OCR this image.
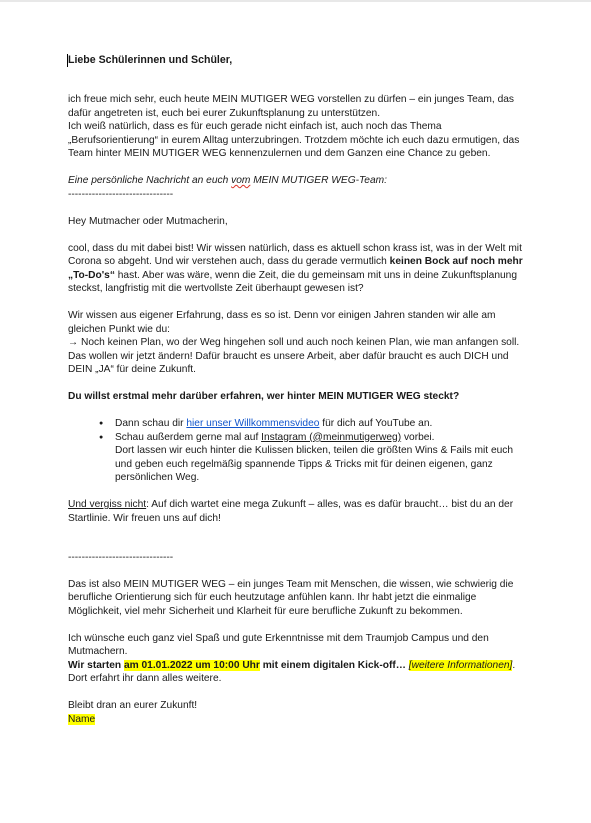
Liebe Schülerinnen und Schüler,

ich freue mich sehr, euch heute MEIN MUTIGER WEG vorstellen zu dürfen – ein junges Team, das dafür angetreten ist, euch bei eurer Zukunftsplanung zu unterstützen.

Ich weiß natürlich, dass es für euch gerade nicht einfach ist, auch noch das Thema „Berufsorientierung“ in eurem Alltag unterzubringen. Trotzdem möchte ich euch dazu ermutigen, das Team hinter MEIN MUTIGER WEG kennenzulernen und dem Ganzen eine Chance zu geben.

Eine persönliche Nachricht an euch vom MEIN MUTIGER WEG-Team:

-------------------------------

Hey Mutmacher oder Mutmacherin,

cool, dass du mit dabei bist! Wir wissen natürlich, dass es aktuell schon krass ist, was in der Welt mit Corona so abgeht. Und wir verstehen auch, dass du gerade vermutlich keinen Bock auf noch mehr „To-Do's“ hast. Aber was wäre, wenn die Zeit, die du gemeinsam mit uns in deine Zukunftsplanung steckst, langfristig mit die wertvollste Zeit überhaupt gewesen ist?

Wir wissen aus eigener Erfahrung, dass es so ist. Denn vor einigen Jahren standen wir alle am gleichen Punkt wie du:

→ Noch keinen Plan, wo der Weg hingehen soll und auch noch keinen Plan, wie man anfangen soll. Das wollen wir jetzt ändern! Dafür braucht es unsere Arbeit, aber dafür braucht es auch DICH und DEIN „JA“ für deine Zukunft.

Du willst erstmal mehr darüber erfahren, wer hinter MEIN MUTIGER WEG steckt?

● Dann schau dir hier unser Willkommensvideo für dich auf YouTube an.
● Schau außerdem gerne mal auf Instagram (@meinmutigerweg) vorbei.
Dort lassen wir euch hinter die Kulissen blicken, teilen die größten Wins & Fails mit euch und geben euch regelmäßig spannende Tipps & Tricks mit für deinen eigenen, ganz persönlichen Weg.

Und vergiss nicht: Auf dich wartet eine mega Zukunft – alles, was es dafür braucht… bist du an der Startlinie. Wir freuen uns auf dich!

-------------------------------

Das ist also MEIN MUTIGER WEG – ein junges Team mit Menschen, die wissen, wie schwierig die berufliche Orientierung sich für euch heutzutage anfühlen kann. Ihr habt jetzt die einmalige Möglichkeit, viel mehr Sicherheit und Klarheit für eure berufliche Zukunft zu bekommen.

Ich wünsche euch ganz viel Spaß und gute Erkenntnisse mit dem Traumjob Campus und den Mutmachern.

Wir starten am 01.01.2022 um 10:00 Uhr mit einem digitalen Kick-off… [weitere Informationen]. Dort erfahrt ihr dann alles weitere.

Bleibt dran an eurer Zukunft!

Name
